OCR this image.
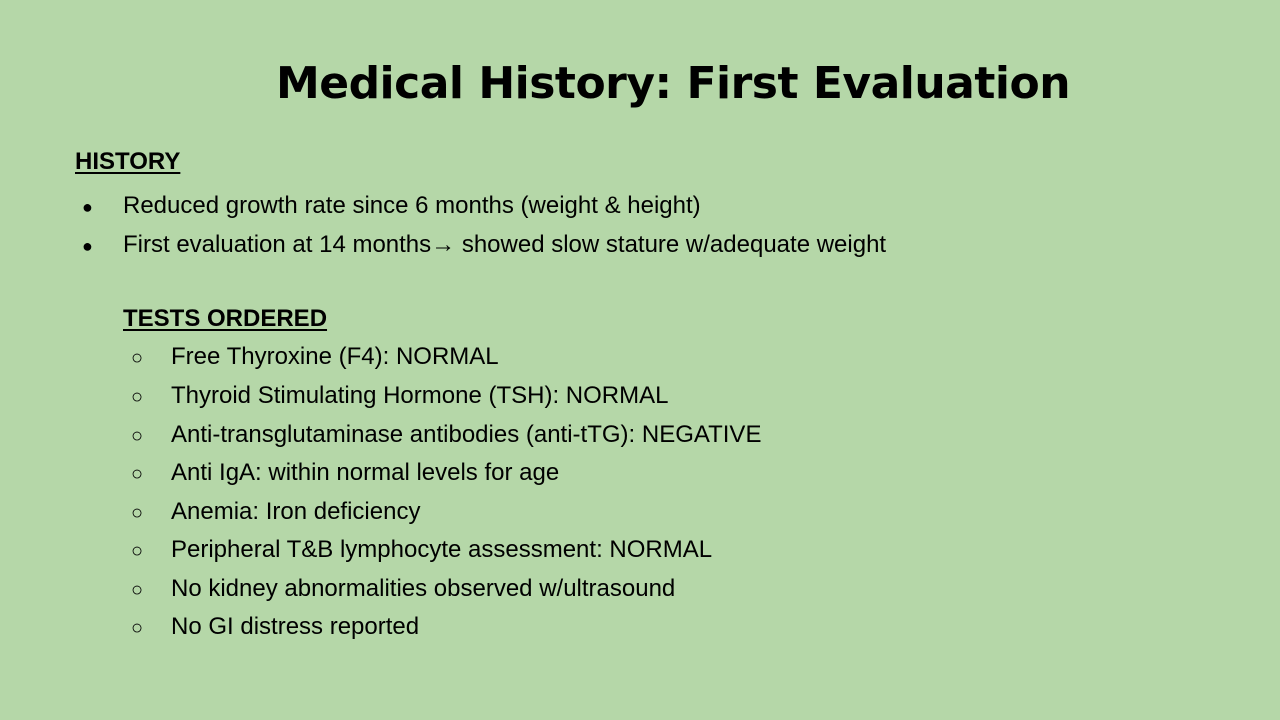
Medical History: First Evaluation
HISTORY
● Reduced growth rate since 6 months (weight & height)
● First evaluation at 14 months→ showed slow stature w/adequate weight
TESTS ORDERED
○ Free Thyroxine (F4): NORMAL
○ Thyroid Stimulating Hormone (TSH): NORMAL
○ Anti-transglutaminase antibodies (anti-tTG): NEGATIVE
○ Anti IgA: within normal levels for age
○ Anemia: Iron deficiency
○ Peripheral T&B lymphocyte assessment: NORMAL
○ No kidney abnormalities observed w/ultrasound
○ No GI distress reported
